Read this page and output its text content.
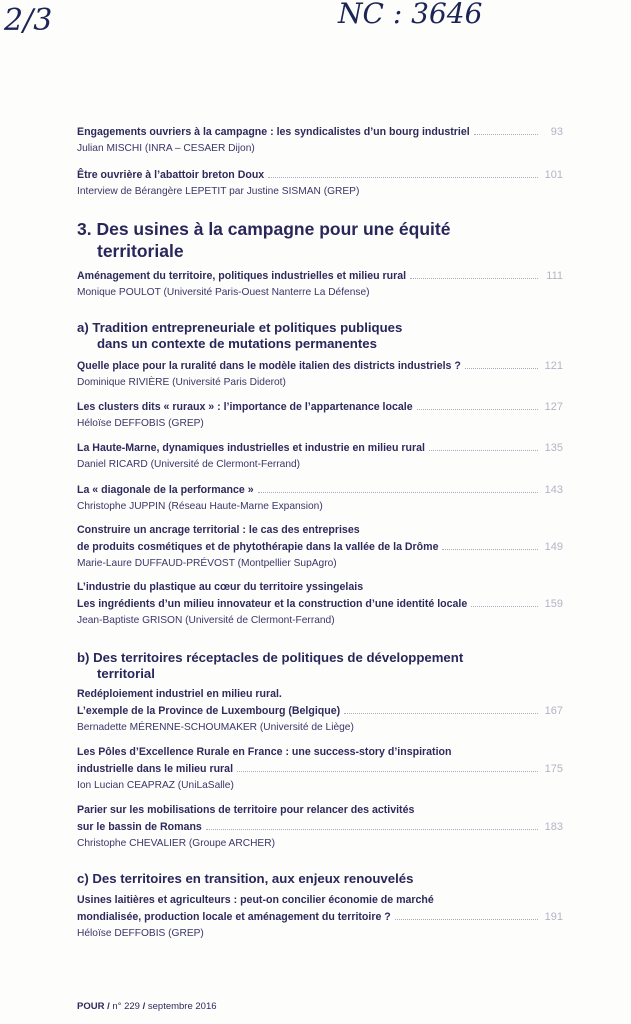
2/3	NC : 3646
Engagements ouvriers à la campagne : les syndicalistes d’un bourg industriel	93
Julian MISCHI (INRA – CESAER Dijon)
Être ouvrière à l’abattoir breton Doux	101
Interview de Bérangère LEPETIT par Justine SISMAN (GREP)
3. Des usines à la campagne pour une équité
territoriale
Aménagement du territoire, politiques industrielles et milieu rural	111
Monique POULOT (Université Paris-Ouest Nanterre La Défense)
a) Tradition entrepreneuriale et politiques publiques
dans un contexte de mutations permanentes
Quelle place pour la ruralité dans le modèle italien des districts industriels ?	121
Dominique RIVIÈRE (Université Paris Diderot)
Les clusters dits « ruraux » : l’importance de l’appartenance locale	127
Héloïse DEFFOBIS (GREP)
La Haute-Marne, dynamiques industrielles et industrie en milieu rural	135
Daniel RICARD (Université de Clermont-Ferrand)
La « diagonale de la performance »	143
Christophe JUPPIN (Réseau Haute-Marne Expansion)
Construire un ancrage territorial : le cas des entreprises
de produits cosmétiques et de phytothérapie dans la vallée de la Drôme	149
Marie-Laure DUFFAUD-PRÉVOST (Montpellier SupAgro)
L’industrie du plastique au cœur du territoire yssingelais
Les ingrédients d’un milieu innovateur et la construction d’une identité locale	159
Jean-Baptiste GRISON (Université de Clermont-Ferrand)
b) Des territoires réceptacles de politiques de développement
territorial
Redéploiement industriel en milieu rural.
L’exemple de la Province de Luxembourg (Belgique)	167
Bernadette MÉRENNE-SCHOUMAKER (Université de Liège)
Les Pôles d’Excellence Rurale en France : une success-story d’inspiration
industrielle dans le milieu rural	175
Ion Lucian CEAPRAZ (UniLaSalle)
Parier sur les mobilisations de territoire pour relancer des activités
sur le bassin de Romans	183
Christophe CHEVALIER (Groupe ARCHER)
c) Des territoires en transition, aux enjeux renouvelés
Usines laitières et agriculteurs : peut-on concilier économie de marché
mondialisée, production locale et aménagement du territoire ?	191
Héloïse DEFFOBIS (GREP)
POUR / n° 229 / septembre 2016
